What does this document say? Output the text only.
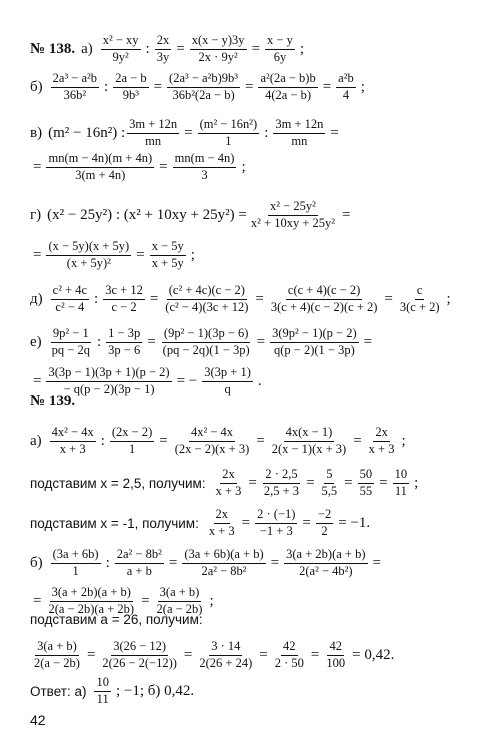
№ 138. $а) \frac{\text{x² − xy}}{\text{9y²}}$ : $\frac{2x}{3y} = \frac{x(x - y)3y}{\text{2x · 9y²}} = \frac{x - y}{6y}$ ;
$б) \frac{\text{2a³ − a²b}}{\text{36b²}}$ : $\frac{2a - b}{\text{9b³}} = \frac{\text{(2a³ − a²b)9b³}}{\text{36b²(2a − b)}} = \frac{\text{a²(2a − b)b}}{4(2a - b)} = \frac{\text{a²b}}{4}$ ;
в) (m² − 16n²) : $\frac{3m + 12n}{mn} = \frac{\text{(m² − 16n²)}}{1}$ : $\frac{3m + 12n}{mn}$ =
= $\frac{mn(m - 4n)(m + 4n)}{3(m + 4n)} = \frac{mn(m - 4n)}{3}$ ;
г) (x² − 25y²) : $(x^2 + 10xy + 25y^2) = \frac{\text{x² − 25y²}}{\text{x² + 10xy + 25y²}}$ =
= $\frac{(x - 5y)(x + 5y)}{\text{(x + 5y)²}} = \frac{x - 5y}{x + 5y}$ ;
$д) \frac{\text{c² + 4c}}{\text{c² − 4}}$ : $\frac{3c + 12}{c - 2} = \frac{\text{(c² + 4c)(c − 2)}}{\text{(c² − 4)(3c + 12)}} = \frac{c(c + 4)(c - 2)}{3(c + 4)(c - 2)(c + 2)} = \frac{c}{3(c + 2)}$ ;
$е) \frac{\text{9p² − 1}}{pq - 2q}$ : $\frac{1 - 3p}{3p - 6} = \frac{\text{(9p² − 1)(3p − 6)}}{(pq - 2q)(1 - 3p)} = \frac{\text{3(9p² − 1)(p − 2)}}{q(p - 2)(1 - 3p)}$ =
= $\frac{3(3p - 1)(3p + 1)(p - 2)}{- q(p - 2)(3p - 1)}$ = − $\frac{3(3p + 1)}{q}$ .
№ 139.
$а) \frac{\text{4x² − 4x}}{x + 3}$ : $\frac{(2x - 2)}{1} = \frac{\text{4x² − 4x}}{(2x - 2)(x + 3)} = \frac{4x(x - 1)}{2(x - 1)(x + 3)} = \frac{2x}{x + 3}$ ;
подставим x = 2,5, получим: $\frac{2x}{x + 3} = \frac{2 \cdot 2,5}{2,5 + 3} = \frac{5}{5,5} = \frac{50}{55} = \frac{10}{11}$ ;
подставим x = -1, получим: $\frac{2x}{x + 3} = \frac{2 \cdot (-1)}{-1 + 3} = \frac{-2}{2} = -1$.
$б) \frac{(3a + 6b)}{1}$ : $\frac{\text{2a² − 8b²}}{a + b} = \frac{(3a + 6b)(a + b)}{\text{2a² − 8b²}} = \frac{3(a + 2b)(a + b)}{\text{2(a² − 4b²)}}$ =
= $\frac{3(a + 2b)(a + b)}{2(a - 2b)(a + 2b)} = \frac{3(a + b)}{2(a - 2b)}$ ;
подставим a = 26, получим:
$\frac{3(a + b)}{2(a - 2b)} = \frac{3(26 - 12)}{2(26 - 2(-12))} = \frac{3 \cdot 14}{2(26 + 24)} = \frac{42}{2 \cdot 50} = \frac{42}{100} = 0,42$.
Ответ: $а) \frac{10}{11}$ ; −1; б) 0,42.
42
